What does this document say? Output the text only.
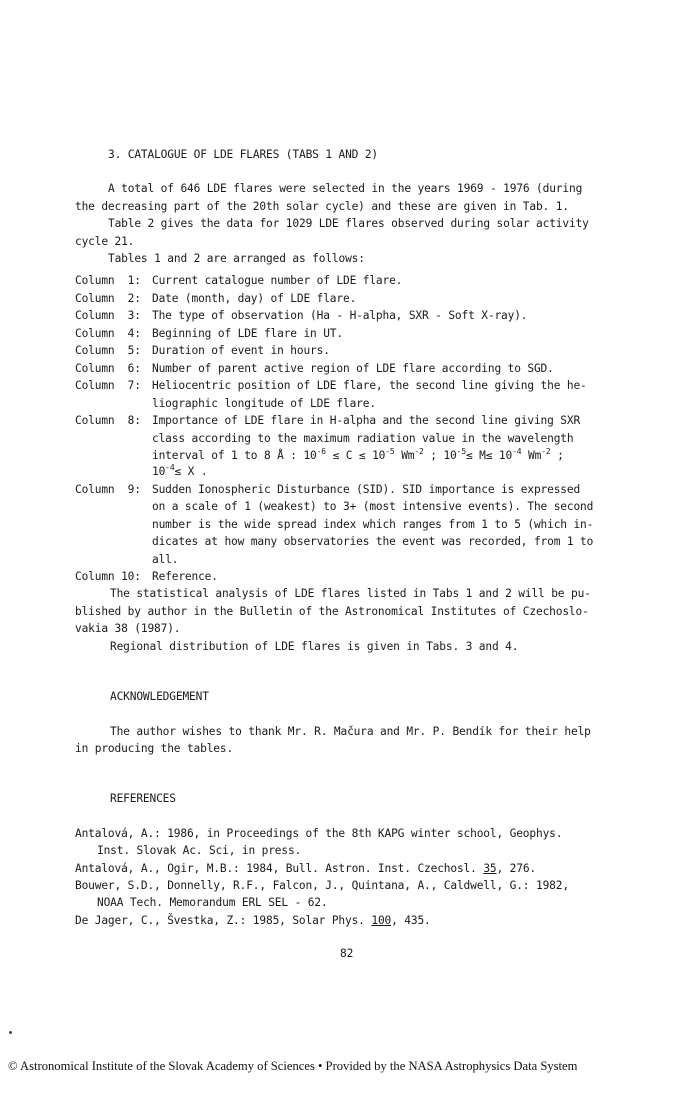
3. CATALOGUE OF LDE FLARES (TABS 1 AND 2)
A total of 646 LDE flares were selected in the years 1969 - 1976 (during
the decreasing part of the 20th solar cycle) and these are given in Tab. 1.
Table 2 gives the data for 1029 LDE flares observed during solar activity
cycle 21.
Tables 1 and 2 are arranged as follows:
Column  1: Current catalogue number of LDE flare.
Column  2: Date (month, day) of LDE flare.
Column  3: The type of observation (Ha - H-alpha, SXR - Soft X-ray).
Column  4: Beginning of LDE flare in UT.
Column  5: Duration of event in hours.
Column  6: Number of parent active region of LDE flare according to SGD.
Column  7: Heliocentric position of LDE flare, the second line giving the he-
liographic longitude of LDE flare.
Column  8: Importance of LDE flare in H-alpha and the second line giving SXR
class according to the maximum radiation value in the wavelength
interval of 1 to 8 Å : $10^{-6} \le C \le 10^{-5}$ $Wm^{-2}$ ; $10^{-5}\le M\le 10^{-4}$ $Wm^{-2}$ ;
$10^{-4}\le X$ .
Column  9: Sudden Ionospheric Disturbance (SID). SID importance is expressed
on a scale of 1 (weakest) to 3+ (most intensive events). The second
number is the wide spread index which ranges from 1 to 5 (which in-
dicates at how many observatories the event was recorded, from 1 to
all.
Column 10: Reference.
The statistical analysis of LDE flares listed in Tabs 1 and 2 will be pu-
blished by author in the Bulletin of the Astronomical Institutes of Czechoslo-
vakia 38 (1987).
Regional distribution of LDE flares is given in Tabs. 3 and 4.
ACKNOWLEDGEMENT
The author wishes to thank Mr. R. Mačura and Mr. P. Bendík for their help
in producing the tables.
REFERENCES
Antalová, A.: 1986, in Proceedings of the 8th KAPG winter school, Geophys.
Inst. Slovak Ac. Sci, in press.
Antalová, A., Ogir, M.B.: 1984, Bull. Astron. Inst. Czechosl. 35, 276.
Bouwer, S.D., Donnelly, R.F., Falcon, J., Quintana, A., Caldwell, G.: 1982,
NOAA Tech. Memorandum ERL SEL - 62.
De Jager, C., Švestka, Z.: 1985, Solar Phys. 100, 435.
82
© Astronomical Institute of the Slovak Academy of Sciences • Provided by the NASA Astrophysics Data System
